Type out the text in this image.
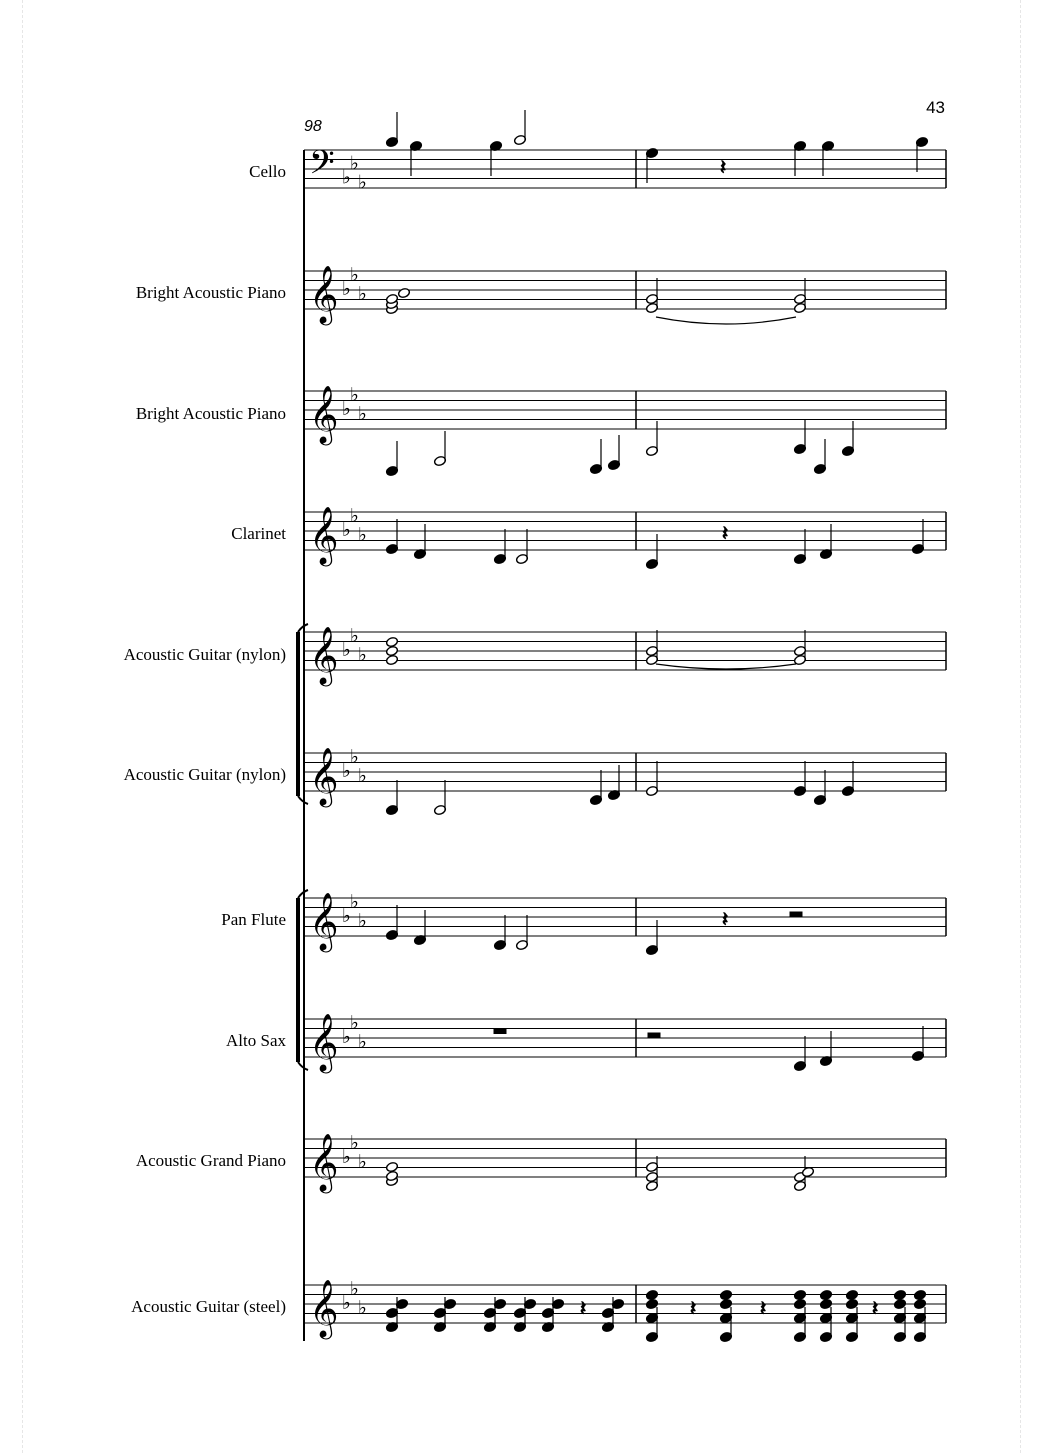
43
98
Cello
Bright Acoustic Piano
Bright Acoustic Piano
Clarinet
Acoustic Guitar (nylon)
Acoustic Guitar (nylon)
Pan Flute
Alto Sax
Acoustic Grand Piano
Acoustic Guitar (steel)
𝄢 ♭
♭
♭
𝄞 ♭
♭
♭
𝄞 ♭
♭
♭
𝄞 ♭
♭
♭
𝄞 ♭
♭
♭
𝄞 ♭
♭
♭
𝄞 ♭
♭
♭
𝄞 ♭
♭
♭
𝄞 ♭
♭
♭
𝄞 ♭
♭
♭
𝄽
𝄽
𝄽
𝄽	𝄽	𝄽	𝄽
